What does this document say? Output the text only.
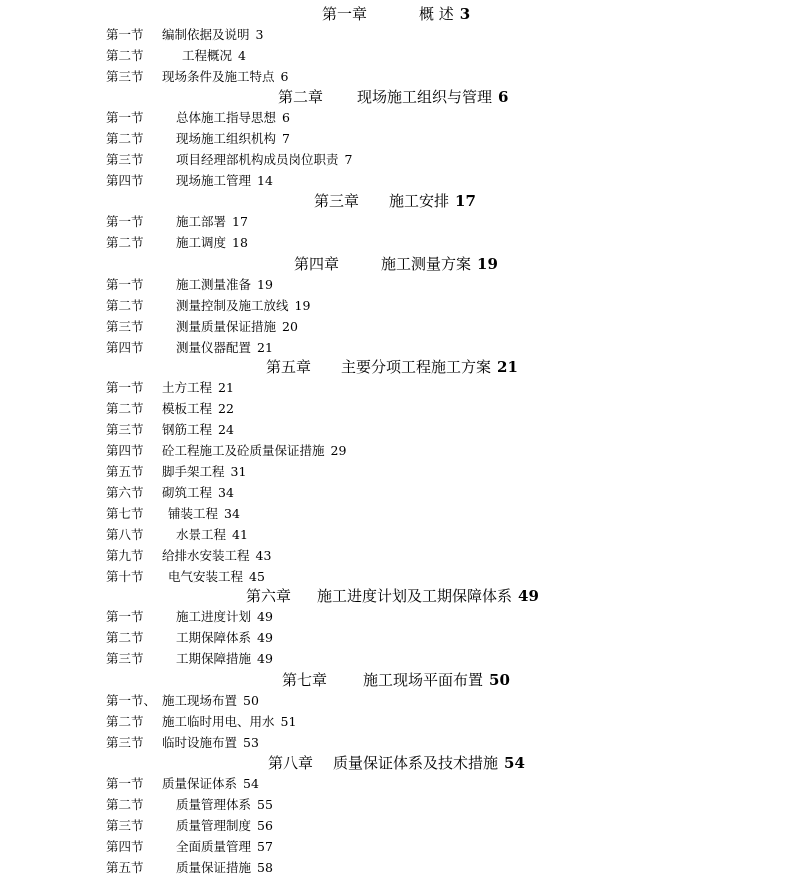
第一章	概 述 3
第一节 编制依据及说明 3
第二节	工程概况 4
第三节 现场条件及施工特点 6
第二章 现场施工组织与管理 6
第一节	总体施工指导思想 6
第二节	现场施工组织机构 7
第三节	项目经理部机构成员岗位职责 7
第四节	现场施工管理 14
第三章 施工安排 17
第一节	施工部署 17
第二节	施工调度 18
第四章	施工测量方案 19
第一节	施工测量准备 19
第二节	测量控制及施工放线 19
第三节	测量质量保证措施 20
第四节	测量仪器配置 21
第五章 主要分项工程施工方案 21
第一节 土方工程 21
第二节 模板工程 22
第三节 钢筋工程 24
第四节 砼工程施工及砼质量保证措施 29
第五节 脚手架工程 31
第六节 砌筑工程 34
第七节 铺装工程 34
第八节	水景工程 41
第九节 给排水安装工程 43
第十节 电气安装工程 45
第六章 施工进度计划及工期保障体系 49
第一节	施工进度计划 49
第二节	工期保障体系 49
第三节	工期保障措施 49
第七章 施工现场平面布置 50
第一节、 施工现场布置 50
第二节 施工临时用电、用水 51
第三节 临时设施布置 53
第八章 质量保证体系及技术措施 54
第一节 质量保证体系 54
第二节	质量管理体系 55
第三节	质量管理制度 56
第四节	全面质量管理 57
第五节	质量保证措施 58
